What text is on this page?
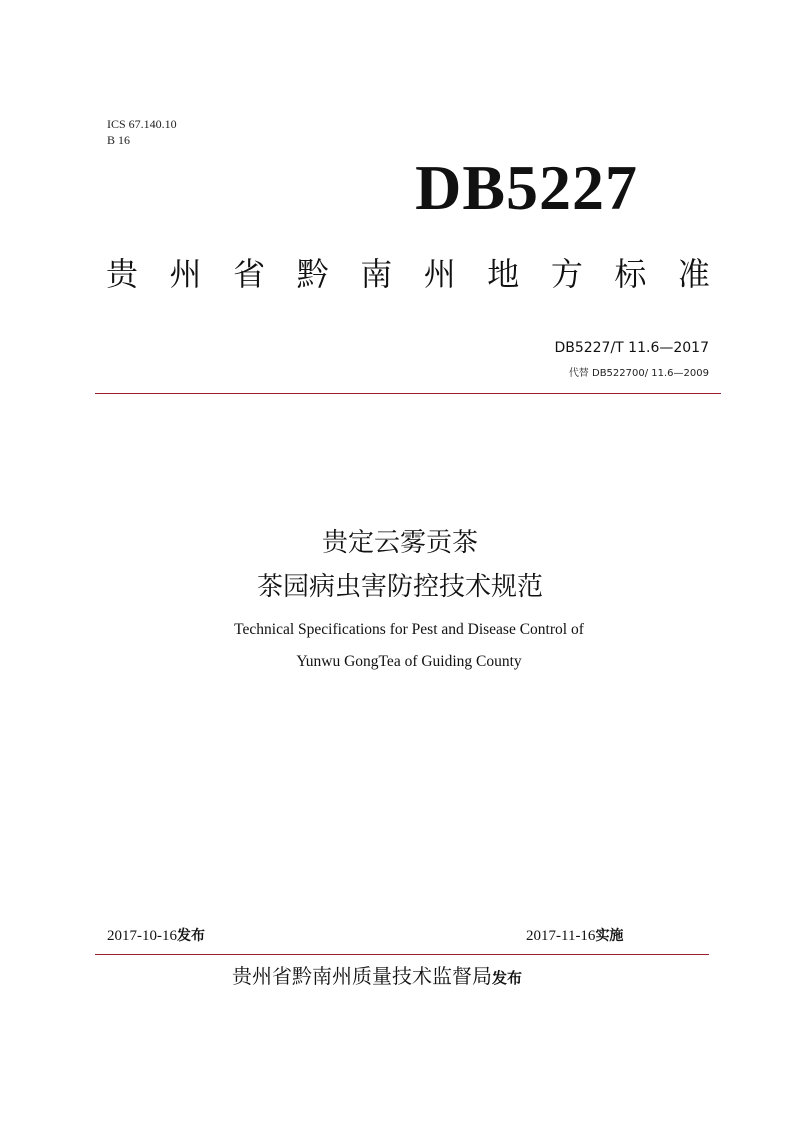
ICS 67.140.10
B 16
DB5227
贵 州 省 黔 南 州 地 方 标 准
DB5227/T 11.6—2017
代替 DB522700/ 11.6—2009
贵定云雾贡茶
茶园病虫害防控技术规范
Technical Specifications for Pest and Disease Control of
Yunwu GongTea of Guiding County
2017-10-16发布	2017-11-16实施
贵州省黔南州质量技术监督局发布
